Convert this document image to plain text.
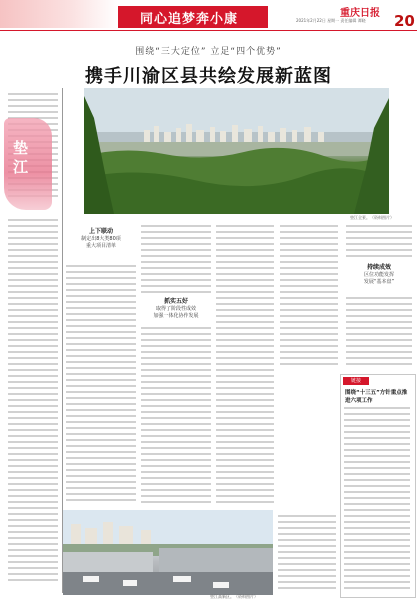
同心追梦奔小康	重庆日报
2021年2月22日 星期一 责任编辑 谭晓 20
围绕“三大定位” 立足“四个优势”
携手川渝区县共绘发展新蓝图
垫江
垫江全景。（资料图片）
上下联动
制定出8大类80项
重大项目清单
抓实五好
取得了阶段性成效
加强一体化协作发展
持续成效
区位功能发挥
发展“基本盘”
垫江高新区。（资料图片）
链接
围绕“十三五”方针重点推进六项工作
